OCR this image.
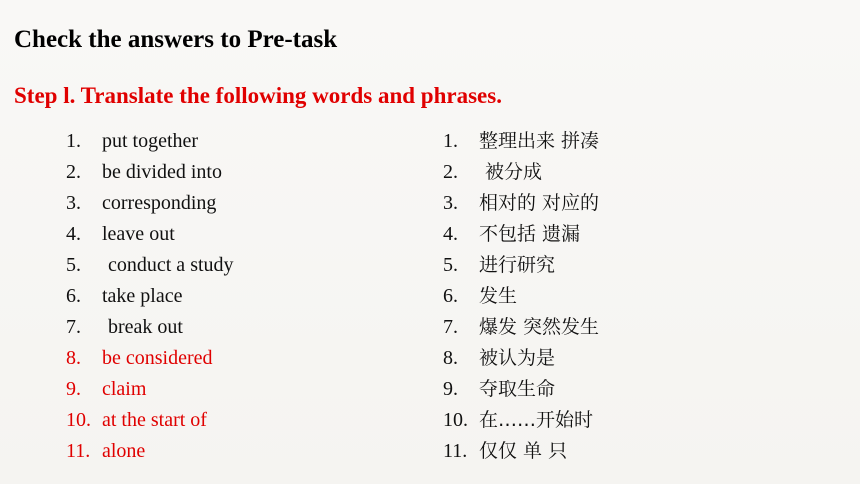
Check the answers to Pre-task
Step l. Translate the following words and phrases.
1. put together
2. be divided into
3. corresponding
4. leave out
5. conduct a study
6. take place
7. break out
8. be considered
9. claim
10. at the start of
11. alone
1. 整理出来 拼凑
2. 被分成
3. 相对的 对应的
4. 不包括 遗漏
5. 进行研究
6. 发生
7. 爆发 突然发生
8. 被认为是
9. 夺取生命
10. 在……开始时
11. 仅仅 单 只
